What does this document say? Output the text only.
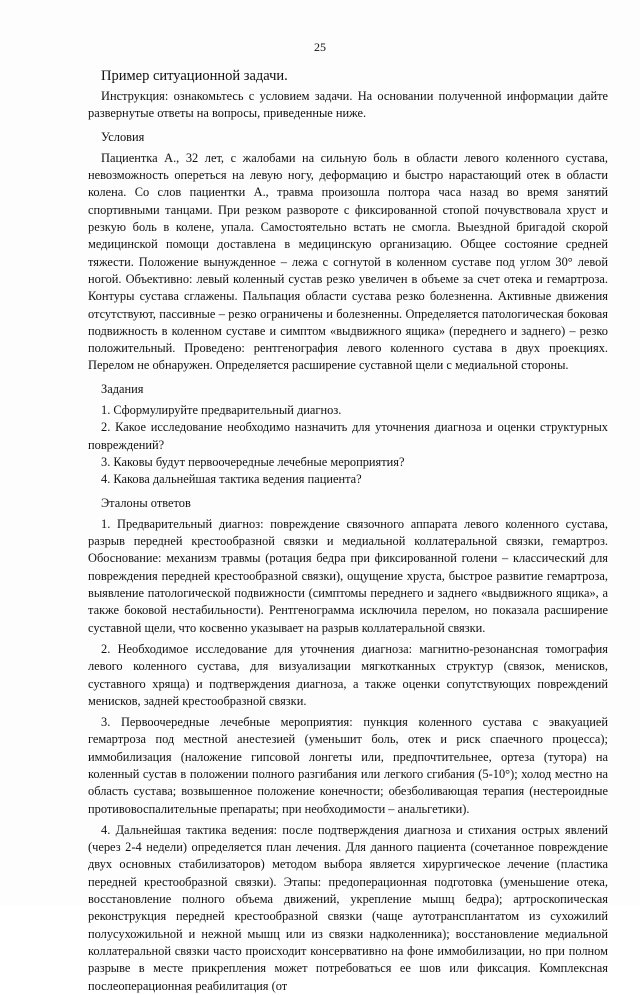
25
Пример ситуационной задачи.

Инструкция: ознакомьтесь с условием задачи. На основании полученной информации дайте развернутые ответы на вопросы, приведенные ниже.

Условия

Пациентка А., 32 лет, с жалобами на сильную боль в области левого коленного сустава, невозможность опереться на левую ногу, деформацию и быстро нарастающий отек в области колена. Со слов пациентки А., травма произошла полтора часа назад во время занятий спортивными танцами. При резком развороте с фиксированной стопой почувствовала хруст и резкую боль в колене, упала. Самостоятельно встать не смогла. Выездной бригадой скорой медицинской помощи доставлена в медицинскую организацию. Общее состояние средней тяжести. Положение вынужденное – лежа с согнутой в коленном суставе под углом 30° левой ногой. Объективно: левый коленный сустав резко увеличен в объеме за счет отека и гемартроза. Контуры сустава сглажены. Пальпация области сустава резко болезненна. Активные движения отсутствуют, пассивные – резко ограничены и болезненны. Определяется патологическая боковая подвижность в коленном суставе и симптом «выдвижного ящика» (переднего и заднего) – резко положительный. Проведено: рентгенография левого коленного сустава в двух проекциях. Перелом не обнаружен. Определяется расширение суставной щели с медиальной стороны.

Задания

1. Сформулируйте предварительный диагноз.

2. Какое исследование необходимо назначить для уточнения диагноза и оценки структурных повреждений?

3. Каковы будут первоочередные лечебные мероприятия?

4. Какова дальнейшая тактика ведения пациента?

Эталоны ответов

1. Предварительный диагноз: повреждение связочного аппарата левого коленного сустава, разрыв передней крестообразной связки и медиальной коллатеральной связки, гемартроз. Обоснование: механизм травмы (ротация бедра при фиксированной голени – классический для повреждения передней крестообразной связки), ощущение хруста, быстрое развитие гемартроза, выявление патологической подвижности (симптомы переднего и заднего «выдвижного ящика», а также боковой нестабильности). Рентгенограмма исключила перелом, но показала расширение суставной щели, что косвенно указывает на разрыв коллатеральной связки.

2. Необходимое исследование для уточнения диагноза: магнитно-резонансная томография левого коленного сустава, для визуализации мягкотканных структур (связок, менисков, суставного хряща) и подтверждения диагноза, а также оценки сопутствующих повреждений менисков, задней крестообразной связки.

3. Первоочередные лечебные мероприятия: пункция коленного сустава с эвакуацией гемартроза под местной анестезией (уменьшит боль, отек и риск спаечного процесса); иммобилизация (наложение гипсовой лонгеты или, предпочтительнее, ортеза (тутора) на коленный сустав в положении полного разгибания или легкого сгибания (5-10°); холод местно на область сустава; возвышенное положение конечности; обезболивающая терапия (нестероидные противовоспалительные препараты; при необходимости – анальгетики).

4. Дальнейшая тактика ведения: после подтверждения диагноза и стихания острых явлений (через 2-4 недели) определяется план лечения. Для данного пациента (сочетанное повреждение двух основных стабилизаторов) методом выбора является хирургическое лечение (пластика передней крестообразной связки). Этапы: предоперационная подготовка (уменьшение отека, восстановление полного объема движений, укрепление мышц бедра); артроскопическая реконструкция передней крестообразной связки (чаще аутотрансплантатом из сухожилий полусухожильной и нежной мышц или из связки надколенника); восстановление медиальной коллатеральной связки часто происходит консервативно на фоне иммобилизации, но при полном разрыве в месте прикрепления может потребоваться ее шов или фиксация. Комплексная послеоперационная реабилитация (от
